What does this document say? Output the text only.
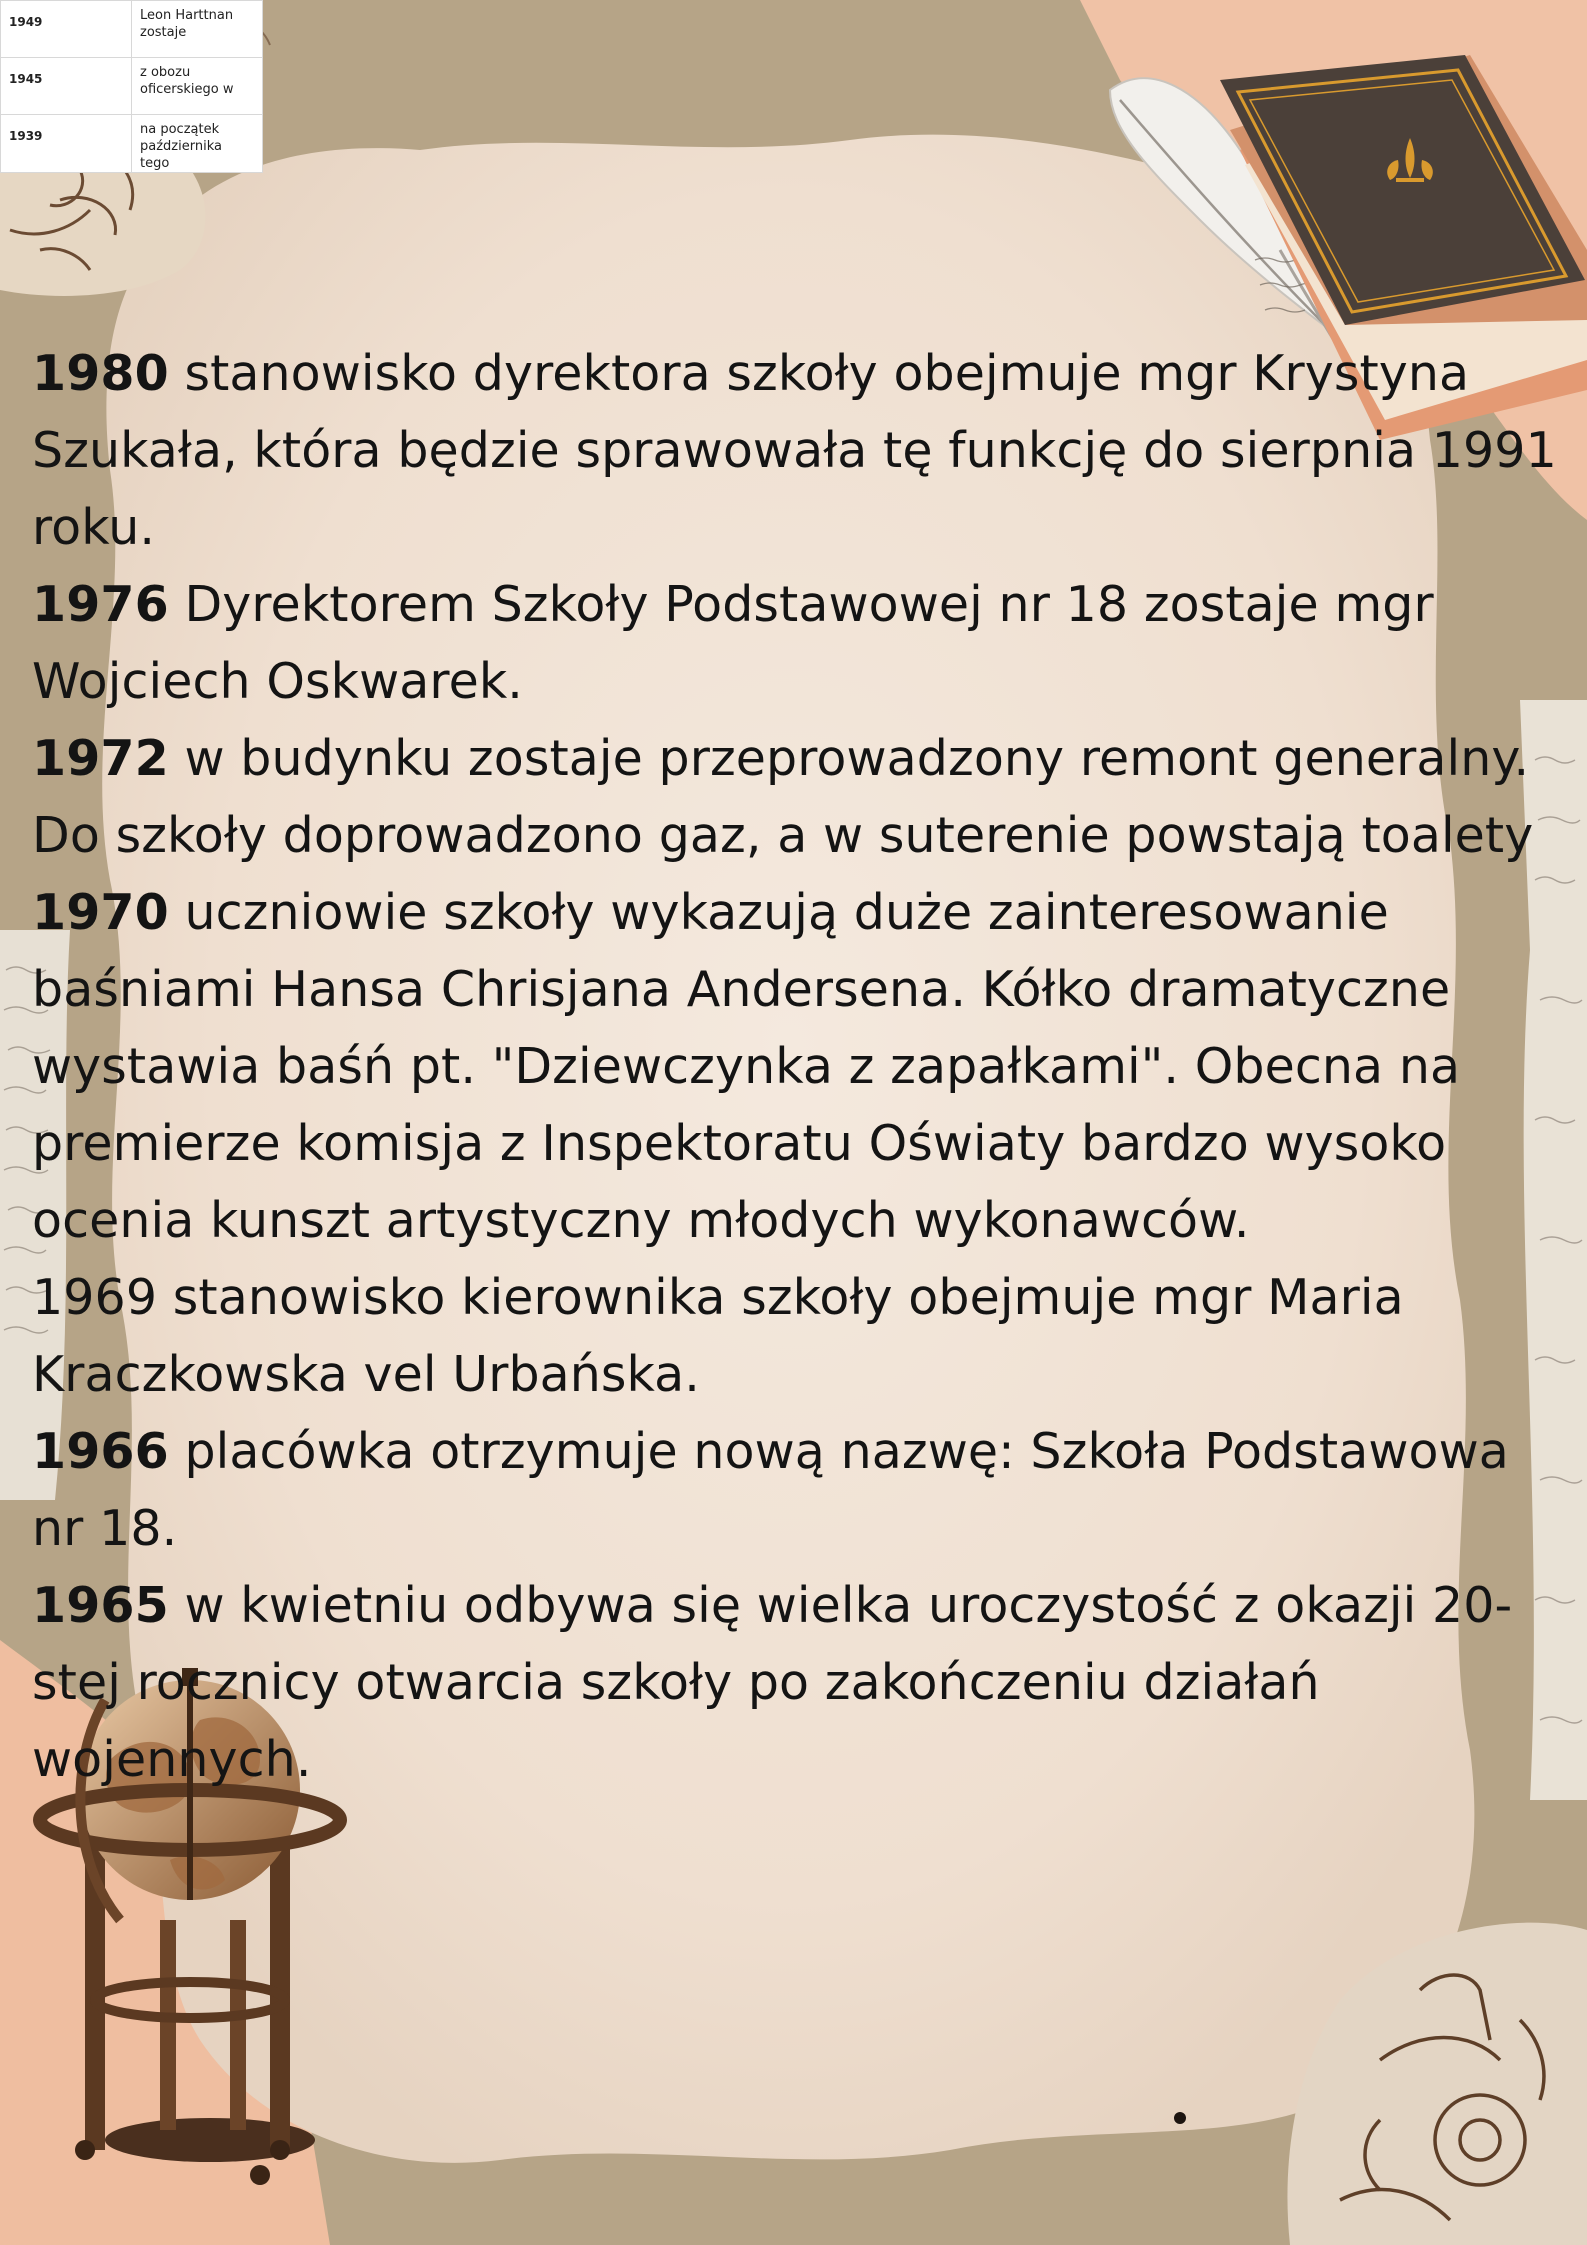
1949	Leon Harttnan zostaje
1945	z obozu oficerskiego w
1939	na początek października tego

1980 stanowisko dyrektora szkoły obejmuje mgr Krystyna Szukała, która będzie sprawowała tę funkcję do sierpnia 1991 roku.

1976 Dyrektorem Szkoły Podstawowej nr 18 zostaje mgr Wojciech Oskwarek.

1972 w budynku zostaje przeprowadzony remont generalny. Do szkoły doprowadzono gaz, a w suterenie powstają toalety

1970 uczniowie szkoły wykazują duże zainteresowanie baśniami Hansa Chrisjana Andersena. Kółko dramatyczne wystawia baśń pt. "Dziewczynka z zapałkami". Obecna na premierze komisja z Inspektoratu Oświaty bardzo wysoko ocenia kunszt artystyczny młodych wykonawców.

1969 stanowisko kierownika szkoły obejmuje mgr Maria Kraczkowska vel Urbańska.

1966 placówka otrzymuje nową nazwę: Szkoła Podstawowa nr 18.

1965 w kwietniu odbywa się wielka uroczystość z okazji 20-stej rocznicy otwarcia szkoły po zakończeniu działań wojennych.
